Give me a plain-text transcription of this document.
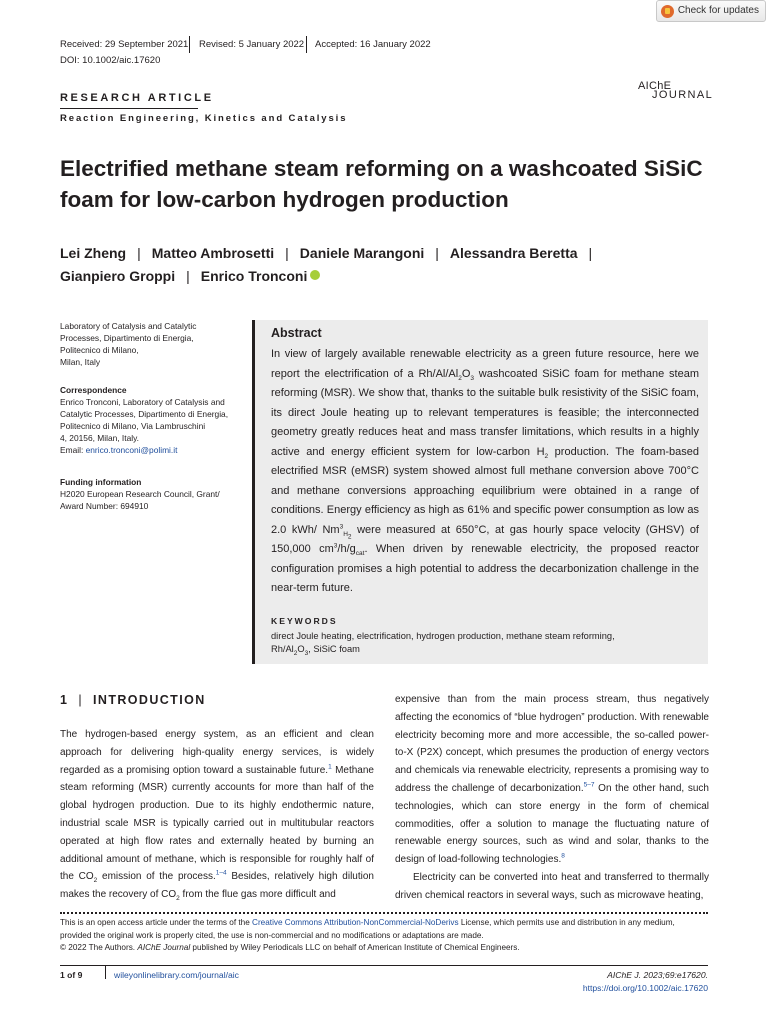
Check for updates
Received: 29 September 2021 Revised: 5 January 2022 Accepted: 16 January 2022
DOI: 10.1002/aic.17620
AIChE
JOURNAL
RESEARCH ARTICLE
Reaction Engineering, Kinetics and Catalysis
Electrified methane steam reforming on a washcoated SiSiC
foam for low-carbon hydrogen production
Lei Zheng | Matteo Ambrosetti | Daniele Marangoni | Alessandra Beretta |
Gianpiero Groppi | Enrico Tronconi
Laboratory of Catalysis and Catalytic
Processes, Dipartimento di Energia,
Politecnico di Milano,
Milan, Italy
Correspondence
Enrico Tronconi, Laboratory of Catalysis and
Catalytic Processes, Dipartimento di Energia,
Politecnico di Milano, Via Lambruschini
4, 20156, Milan, Italy.
Email: enrico.tronconi@polimi.it
Funding information
H2020 European Research Council, Grant/
Award Number: 694910
Abstract
In view of largely available renewable electricity as a green future resource, here we report the electrification of a $Rh/Al/Al_2O_3$ washcoated SiSiC foam for methane steam reforming (MSR). We show that, thanks to the suitable bulk resistivity of the SiSiC foam, its direct Joule heating up to relevant temperatures is feasible; the interconnected geometry greatly reduces heat and mass transfer limitations, which results in a highly active and energy efficient system for low-carbon $H_2$ production. The foam-based electrified MSR (eMSR) system showed almost full methane conversion above 700°C and methane conversions approaching equilibrium were obtained in a range of conditions. Energy efficiency as high as 61% and specific power consumption as low as 2.0 kWh/ $Nm^3_{H_2}$ were measured at 650°C, at gas hourly space velocity (GHSV) of 150,000 $cm^3/h/g_{cat}$. When driven by renewable electricity, the proposed reactor configuration promises a high potential to address the decarbonization challenge in the near-term future.
KEYWORDS
direct Joule heating, electrification, hydrogen production, methane steam reforming,
$Rh/Al_2O_3$, SiSiC foam
1 | INTRODUCTION

The hydrogen-based energy system, as an efficient and clean approach for delivering high-quality energy services, is widely regarded as a promising option toward a sustainable future.$^1$ Methane steam reforming (MSR) currently accounts for more than half of the global hydrogen production. Due to its highly endothermic nature, industrial scale MSR is typically carried out in multitubular reactors operated at high flow rates and externally heated by burning an additional amount of methane, which is responsible for roughly half of the $CO_2$ emission of the process.$^{1-4}$ Besides, relatively high dilution makes the recovery of $CO_2$ from the flue gas more difficult and

expensive than from the main process stream, thus negatively affecting the economics of “blue hydrogen” production. With renewable electricity becoming more and more accessible, the so-called power-to-X (P2X) concept, which presumes the production of energy vectors and chemicals via renewable electricity, represents a promising way to address the challenge of decarbonization.$^{5-7}$ On the other hand, such technologies, which can store energy in the form of chemical commodities, offer a solution to manage the fluctuating nature of renewable energy sources, such as wind and solar, thanks to the design of load-following technologies.$^8$

Electricity can be converted into heat and transferred to thermally driven chemical reactors in several ways, such as microwave heating,

This is an open access article under the terms of the Creative Commons Attribution-NonCommercial-NoDerivs License, which permits use and distribution in any medium, provided the original work is properly cited, the use is non-commercial and no modifications or adaptations are made.
© 2022 The Authors. AIChE Journal published by Wiley Periodicals LLC on behalf of American Institute of Chemical Engineers.
1 of 9	wileyonlinelibrary.com/journal/aic	AIChE J. 2023;69:e17620.
https://doi.org/10.1002/aic.17620
